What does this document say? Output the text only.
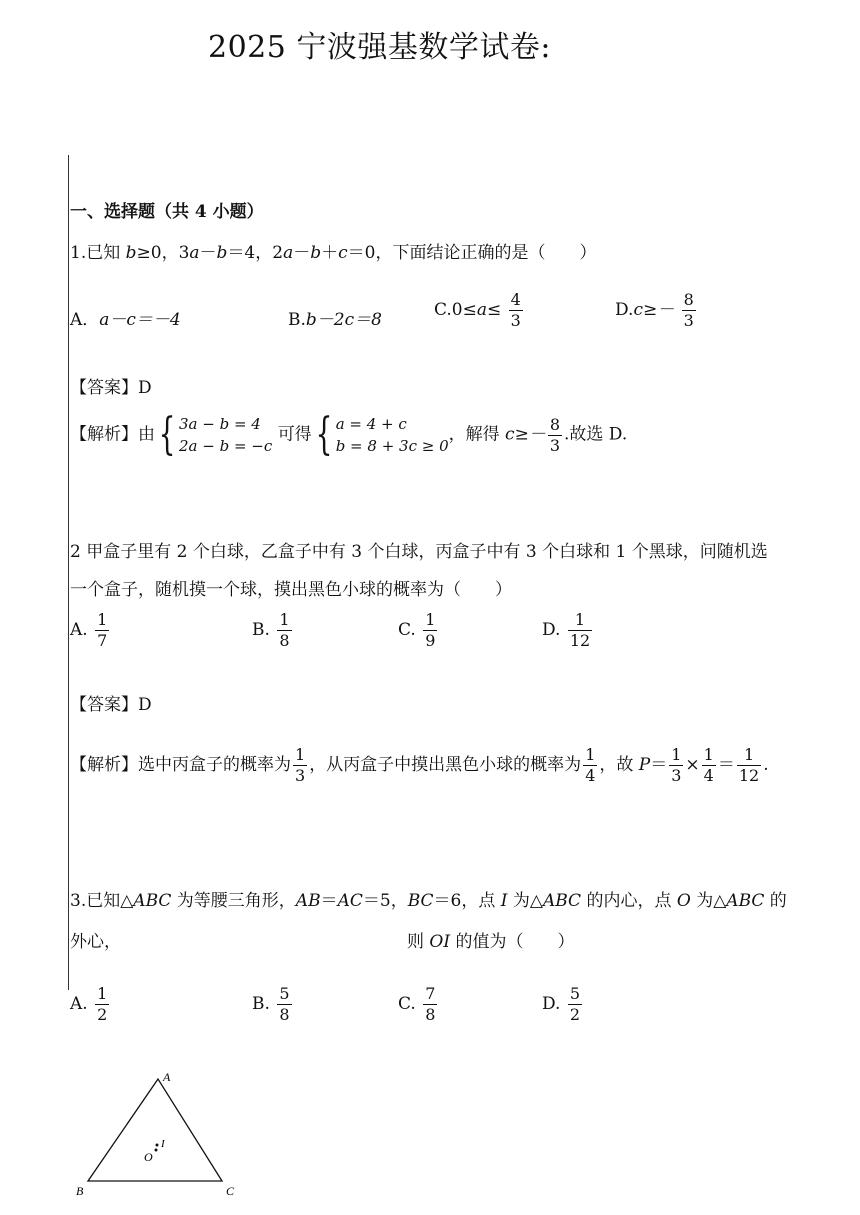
2025 宁波强基数学试卷:
一、选择题（共 4 小题）
1.已知 b≥0，3a－b＝4，2a－b＋c＝0，下面结论正确的是（　　）
A．a－c＝－4	B.b－2c＝8	$C.0\le a\le \frac{4}{3}$	$D.c\ge- \frac{8}{3}$
【答案】D
【解析】由{ 3a − b = 4
2a − b = −c 可得{ a = 4 + c
b = 8 + 3c ≥ 0，解得 $c\ge- \frac{8}{3}$ .故选 D.
2 甲盒子里有 2 个白球，乙盒子中有 3 个白球，丙盒子中有 3 个白球和 1 个黑球，问随机选
一个盒子，随机摸一个球，摸出黑色小球的概率为（　　）
A. $\frac{1}{7}$	B. $\frac{1}{8}$	C. $\frac{1}{9}$	D. $\frac{1}{12}$
【答案】D
【解析】选中丙盒子的概率为 $\frac{1}{3}$ ，从丙盒子中摸出黑色小球的概率为 $\frac{1}{4}$ ，故 $P= \frac{1}{3} \times \frac{1}{4} = \frac{1}{12}$ .
3.已知△ABC 为等腰三角形，AB＝AC＝5，BC＝6，点 I 为△ABC 的内心，点 O 为△ABC 的
外心，	则 OI 的值为（　　）
A. $\frac{1}{2}$	B. $\frac{5}{8}$	C. $\frac{7}{8}$	D. $\frac{5}{2}$
A
B	C
O
I
